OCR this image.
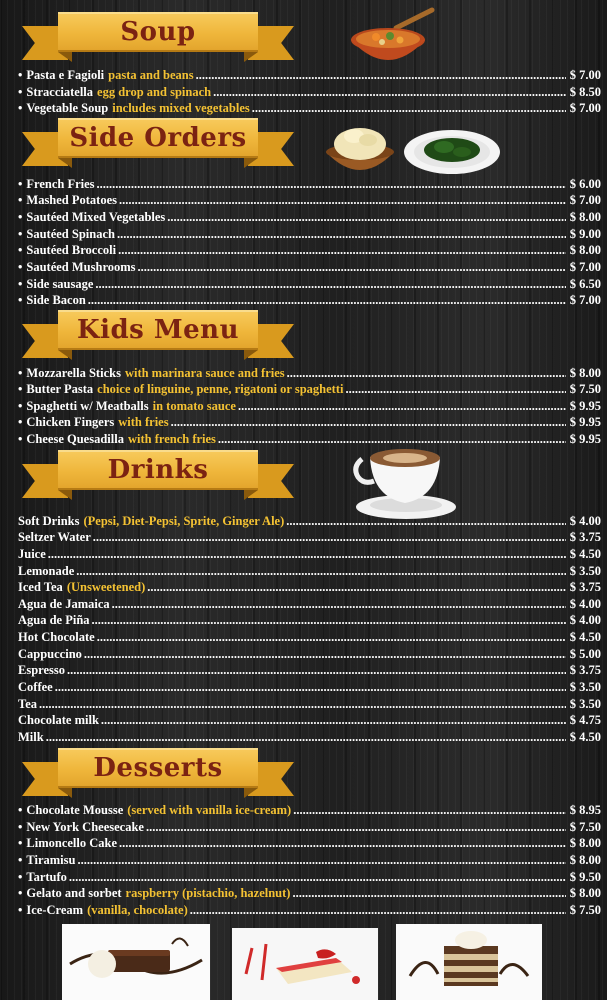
Soup
• Pasta e Fagioli pasta and beans .....	$ 7.00
• Stracciatella egg drop and spinach .....	$ 8.50
• Vegetable Soup includes mixed vegetables .....	$ 7.00
Side Orders
• French Fries .....	$ 6.00
• Mashed Potatoes .....	$ 7.00
• Sautéed Mixed Vegetables .....	$ 8.00
• Sautéed Spinach .....	$ 9.00
• Sautéed Broccoli .....	$ 8.00
• Sautéed Mushrooms .....	$ 7.00
• Side sausage .....	$ 6.50
• Side Bacon .....	$ 7.00
Kids Menu
• Mozzarella Sticks with marinara sauce and fries .....	$ 8.00
• Butter Pasta choice of linguine, penne, rigatoni or spaghetti .....	$ 7.50
• Spaghetti w/ Meatballs in tomato sauce .....	$ 9.95
• Chicken Fingers with fries .....	$ 9.95
• Cheese Quesadilla with french fries .....	$ 9.95
Drinks
Soft Drinks (Pepsi, Diet-Pepsi, Sprite, Ginger Ale) .....	$ 4.00
Seltzer Water .....	$ 3.75
Juice .....	$ 4.50
Lemonade .....	$ 3.50
Iced Tea (Unsweetened) .....	$ 3.75
Agua de Jamaica .....	$ 4.00
Agua de Piña .....	$ 4.00
Hot Chocolate .....	$ 4.50
Cappuccino .....	$ 5.00
Espresso .....	$ 3.75
Coffee .....	$ 3.50
Tea .....	$ 3.50
Chocolate milk .....	$ 4.75
Milk .....	$ 4.50
Desserts
• Chocolate Mousse (served with vanilla ice-cream) .....	$ 8.95
• New York Cheesecake .....	$ 7.50
• Limoncello Cake .....	$ 8.00
• Tiramisu .....	$ 8.00
• Tartufo .....	$ 9.50
• Gelato and sorbet raspberry (pistachio, hazelnut) .....	$ 8.00
• Ice-Cream (vanilla, chocolate) .....	$ 7.50
